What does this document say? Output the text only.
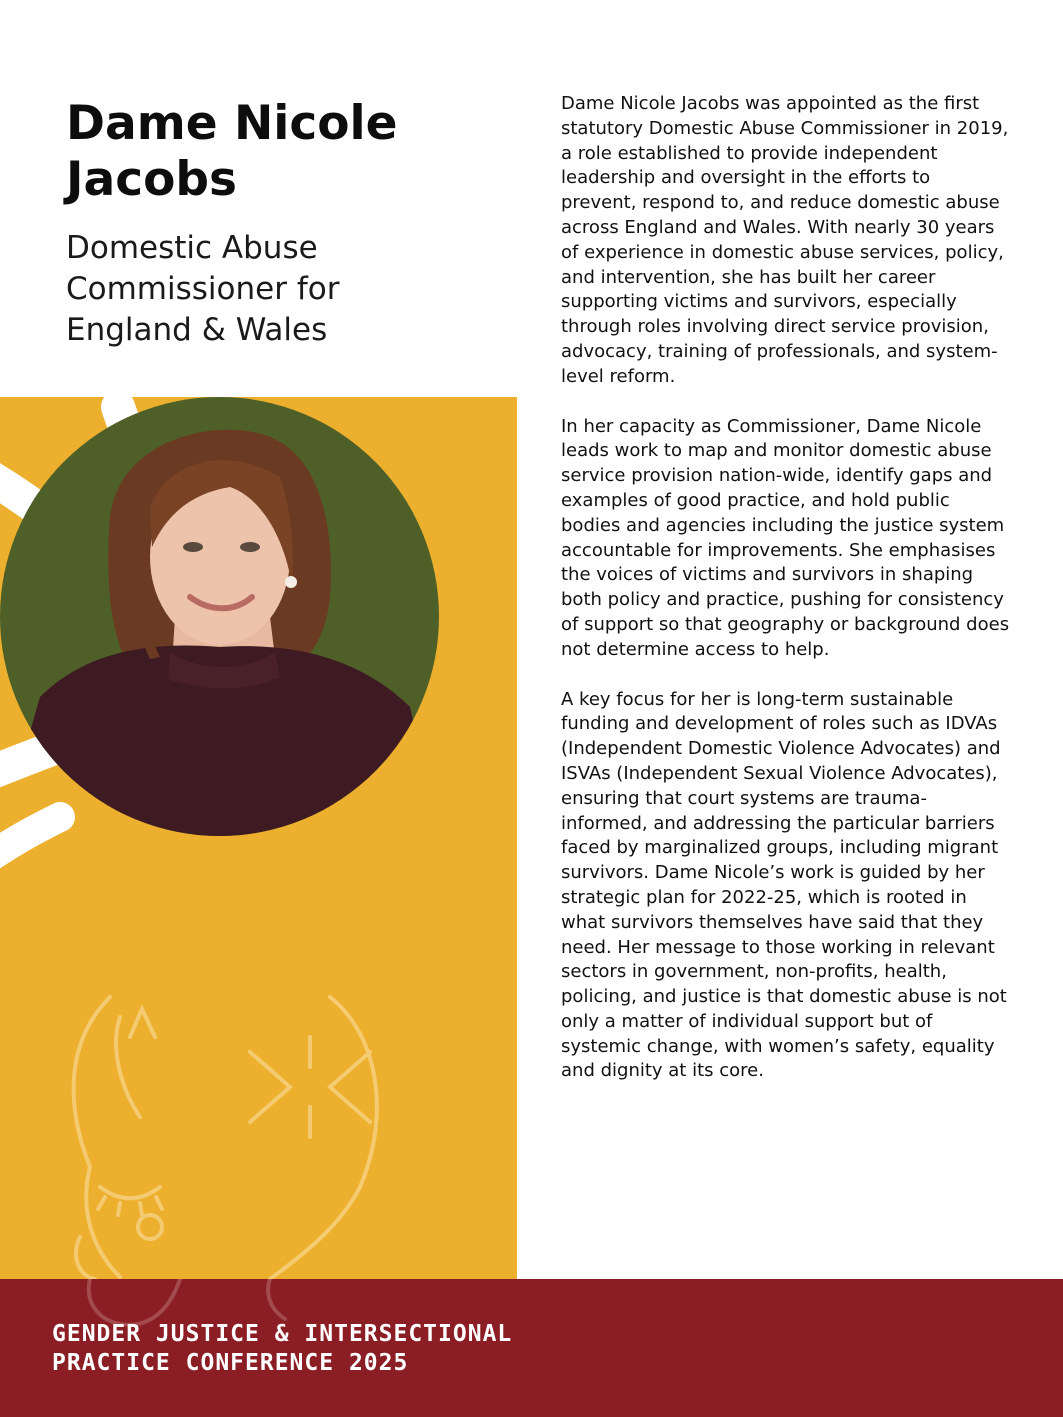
Dame Nicole
Jacobs
Domestic Abuse
Commissioner for
England & Wales

Dame Nicole Jacobs was appointed as the first statutory Domestic Abuse Commissioner in 2019, a role established to provide independent leadership and oversight in the efforts to prevent, respond to, and reduce domestic abuse across England and Wales. With nearly 30 years of experience in domestic abuse services, policy, and intervention, she has built her career supporting victims and survivors, especially through roles involving direct service provision, advocacy, training of professionals, and system-level reform.

In her capacity as Commissioner, Dame Nicole leads work to map and monitor domestic abuse service provision nation-wide, identify gaps and examples of good practice, and hold public bodies and agencies including the justice system accountable for improvements. She emphasises the voices of victims and survivors in shaping both policy and practice, pushing for consistency of support so that geography or background does not determine access to help.

A key focus for her is long-term sustainable funding and development of roles such as IDVAs (Independent Domestic Violence Advocates) and ISVAs (Independent Sexual Violence Advocates), ensuring that court systems are trauma-informed, and addressing the particular barriers faced by marginalized groups, including migrant survivors. Dame Nicole’s work is guided by her strategic plan for 2022-25, which is rooted in what survivors themselves have said that they need. Her message to those working in relevant sectors in government, non-profits, health, policing, and justice is that domestic abuse is not only a matter of individual support but of systemic change, with women’s safety, equality and dignity at its core.

GENDER JUSTICE & INTERSECTIONAL
PRACTICE CONFERENCE 2025
